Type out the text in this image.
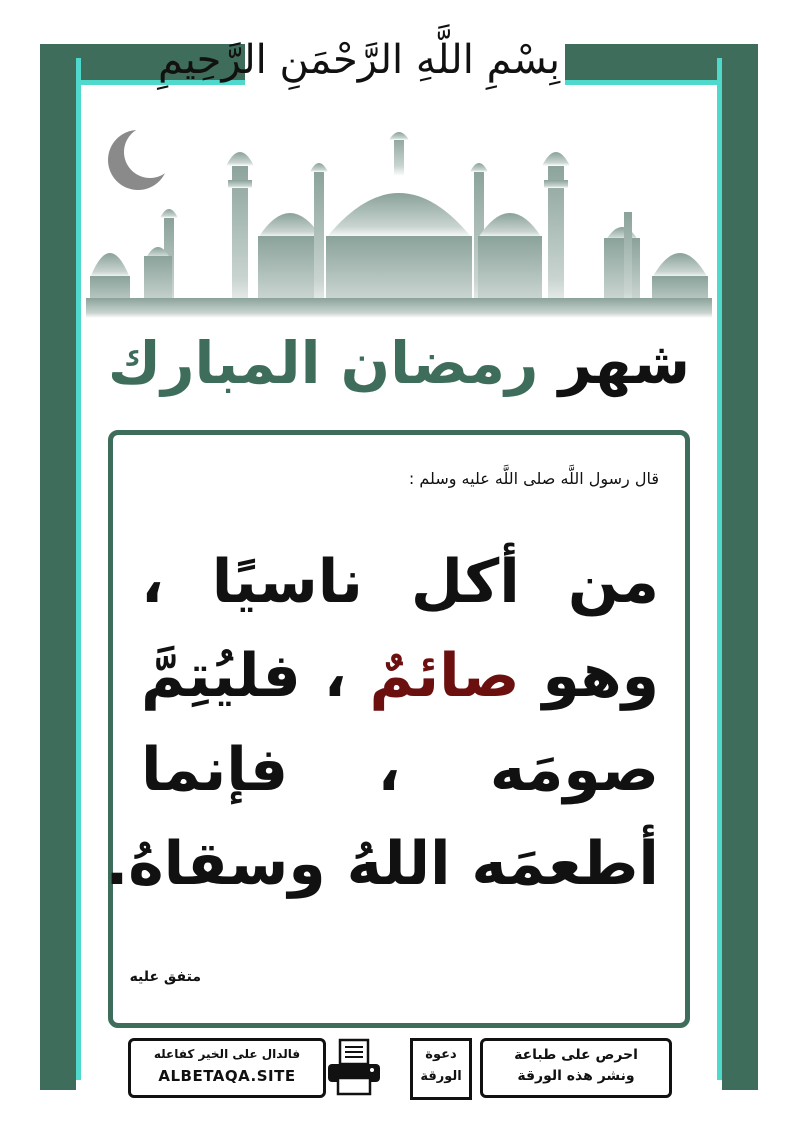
بِسْمِ اللَّهِ الرَّحْمَنِ الرَّحِيمِ
شهر رمضان المبارك
قال رسول اللَّه صلى اللَّه عليه وسلم :
من أكل ناسيًا ،
وهو صائمٌ ، فليُتِمَّ
صومَه ، فإنما
أطعمَه اللهُ وسقاهُ.
متفق عليه
فالدال على الخير كفاعله
ALBETAQA.SITE
دعوة
الورقة
احرص على طباعة
ونشر هذه الورقة
